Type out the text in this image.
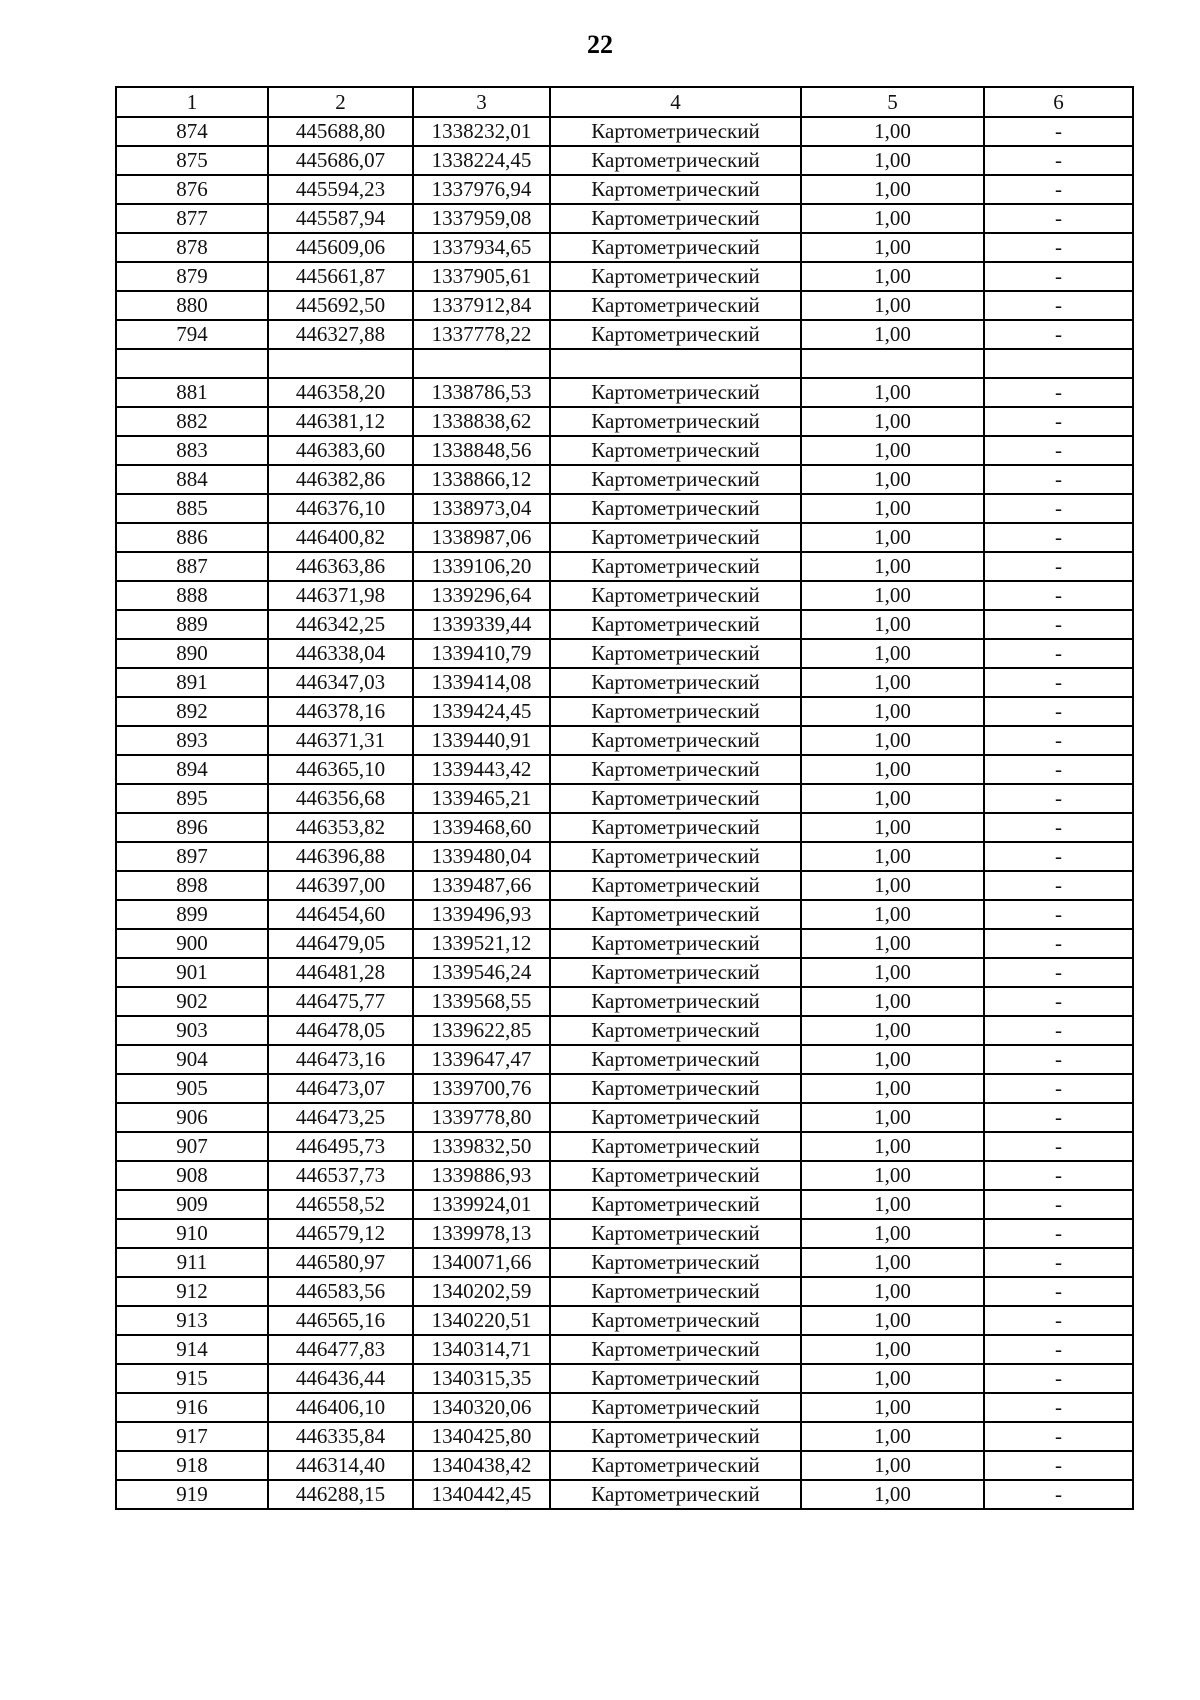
22
1	2	3	4	5	6
874	445688,80	1338232,01	Картометрический	1,00	-
875	445686,07	1338224,45	Картометрический	1,00	-
876	445594,23	1337976,94	Картометрический	1,00	-
877	445587,94	1337959,08	Картометрический	1,00	-
878	445609,06	1337934,65	Картометрический	1,00	-
879	445661,87	1337905,61	Картометрический	1,00	-
880	445692,50	1337912,84	Картометрический	1,00	-
794	446327,88	1337778,22	Картометрический	1,00	-

881	446358,20	1338786,53	Картометрический	1,00	-
882	446381,12	1338838,62	Картометрический	1,00	-
883	446383,60	1338848,56	Картометрический	1,00	-
884	446382,86	1338866,12	Картометрический	1,00	-
885	446376,10	1338973,04	Картометрический	1,00	-
886	446400,82	1338987,06	Картометрический	1,00	-
887	446363,86	1339106,20	Картометрический	1,00	-
888	446371,98	1339296,64	Картометрический	1,00	-
889	446342,25	1339339,44	Картометрический	1,00	-
890	446338,04	1339410,79	Картометрический	1,00	-
891	446347,03	1339414,08	Картометрический	1,00	-
892	446378,16	1339424,45	Картометрический	1,00	-
893	446371,31	1339440,91	Картометрический	1,00	-
894	446365,10	1339443,42	Картометрический	1,00	-
895	446356,68	1339465,21	Картометрический	1,00	-
896	446353,82	1339468,60	Картометрический	1,00	-
897	446396,88	1339480,04	Картометрический	1,00	-
898	446397,00	1339487,66	Картометрический	1,00	-
899	446454,60	1339496,93	Картометрический	1,00	-
900	446479,05	1339521,12	Картометрический	1,00	-
901	446481,28	1339546,24	Картометрический	1,00	-
902	446475,77	1339568,55	Картометрический	1,00	-
903	446478,05	1339622,85	Картометрический	1,00	-
904	446473,16	1339647,47	Картометрический	1,00	-
905	446473,07	1339700,76	Картометрический	1,00	-
906	446473,25	1339778,80	Картометрический	1,00	-
907	446495,73	1339832,50	Картометрический	1,00	-
908	446537,73	1339886,93	Картометрический	1,00	-
909	446558,52	1339924,01	Картометрический	1,00	-
910	446579,12	1339978,13	Картометрический	1,00	-
911	446580,97	1340071,66	Картометрический	1,00	-
912	446583,56	1340202,59	Картометрический	1,00	-
913	446565,16	1340220,51	Картометрический	1,00	-
914	446477,83	1340314,71	Картометрический	1,00	-
915	446436,44	1340315,35	Картометрический	1,00	-
916	446406,10	1340320,06	Картометрический	1,00	-
917	446335,84	1340425,80	Картометрический	1,00	-
918	446314,40	1340438,42	Картометрический	1,00	-
919	446288,15	1340442,45	Картометрический	1,00	-
